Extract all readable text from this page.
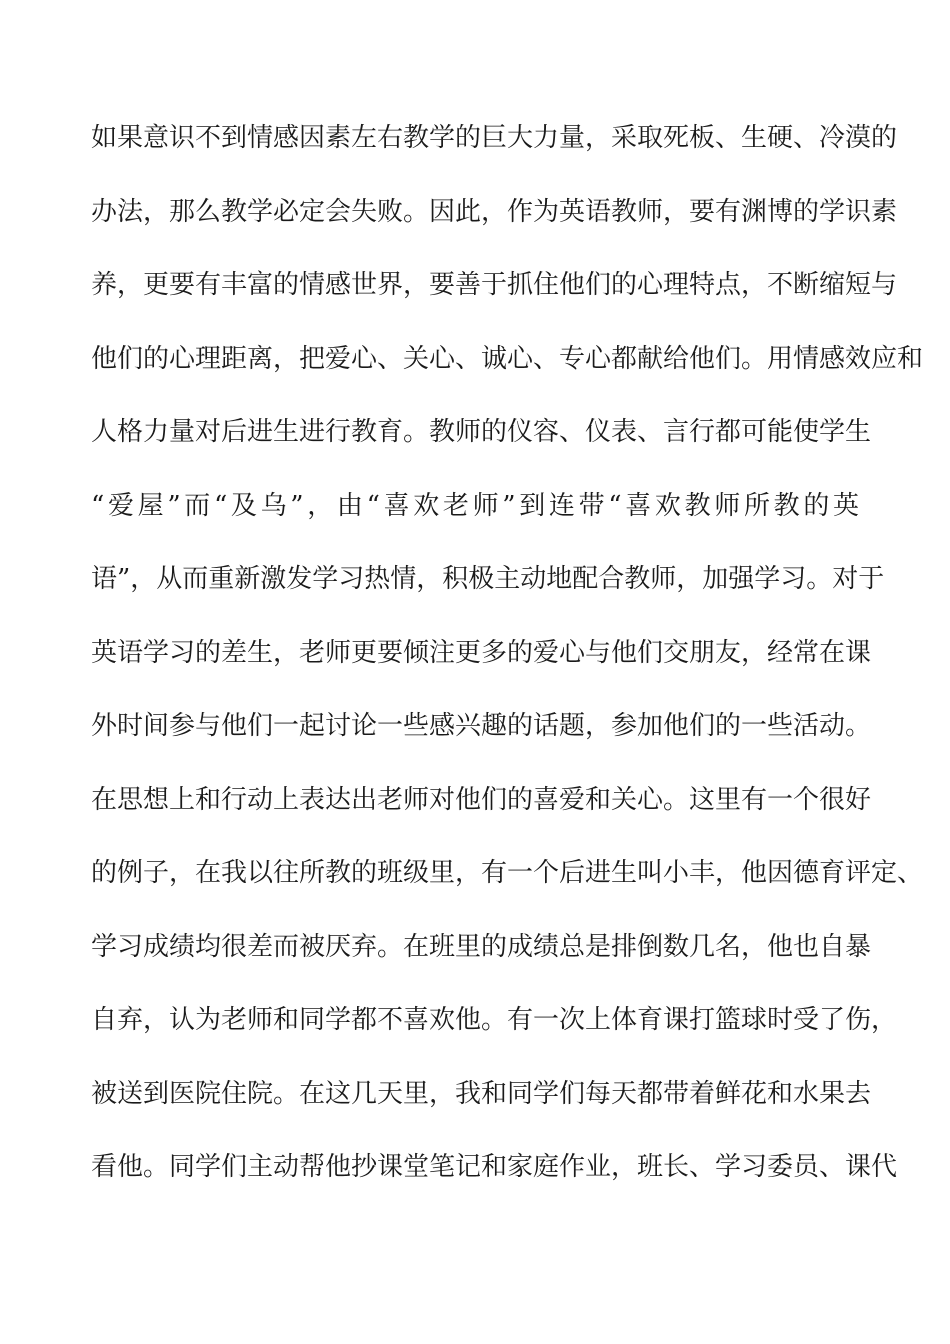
如果意识不到情感因素左右教学的巨大力量，采取死板、生硬、冷漠的
办法，那么教学必定会失败。因此，作为英语教师，要有渊博的学识素
养，更要有丰富的情感世界，要善于抓住他们的心理特点，不断缩短与
他们的心理距离，把爱心、关心、诚心、专心都献给他们。用情感效应和
人格力量对后进生进行教育。教师的仪容、仪表、言行都可能使学生
“爱屋”而“及乌”，由“喜欢老师”到连带“喜欢教师所教的英
语”，从而重新激发学习热情，积极主动地配合教师，加强学习。对于
英语学习的差生，老师更要倾注更多的爱心与他们交朋友，经常在课
外时间参与他们一起讨论一些感兴趣的话题，参加他们的一些活动。
在思想上和行动上表达出老师对他们的喜爱和关心。这里有一个很好
的例子，在我以往所教的班级里，有一个后进生叫小丰，他因德育评定、
学习成绩均很差而被厌弃。在班里的成绩总是排倒数几名，他也自暴
自弃，认为老师和同学都不喜欢他。有一次上体育课打篮球时受了伤，
被送到医院住院。在这几天里，我和同学们每天都带着鲜花和水果去
看他。同学们主动帮他抄课堂笔记和家庭作业，班长、学习委员、课代
